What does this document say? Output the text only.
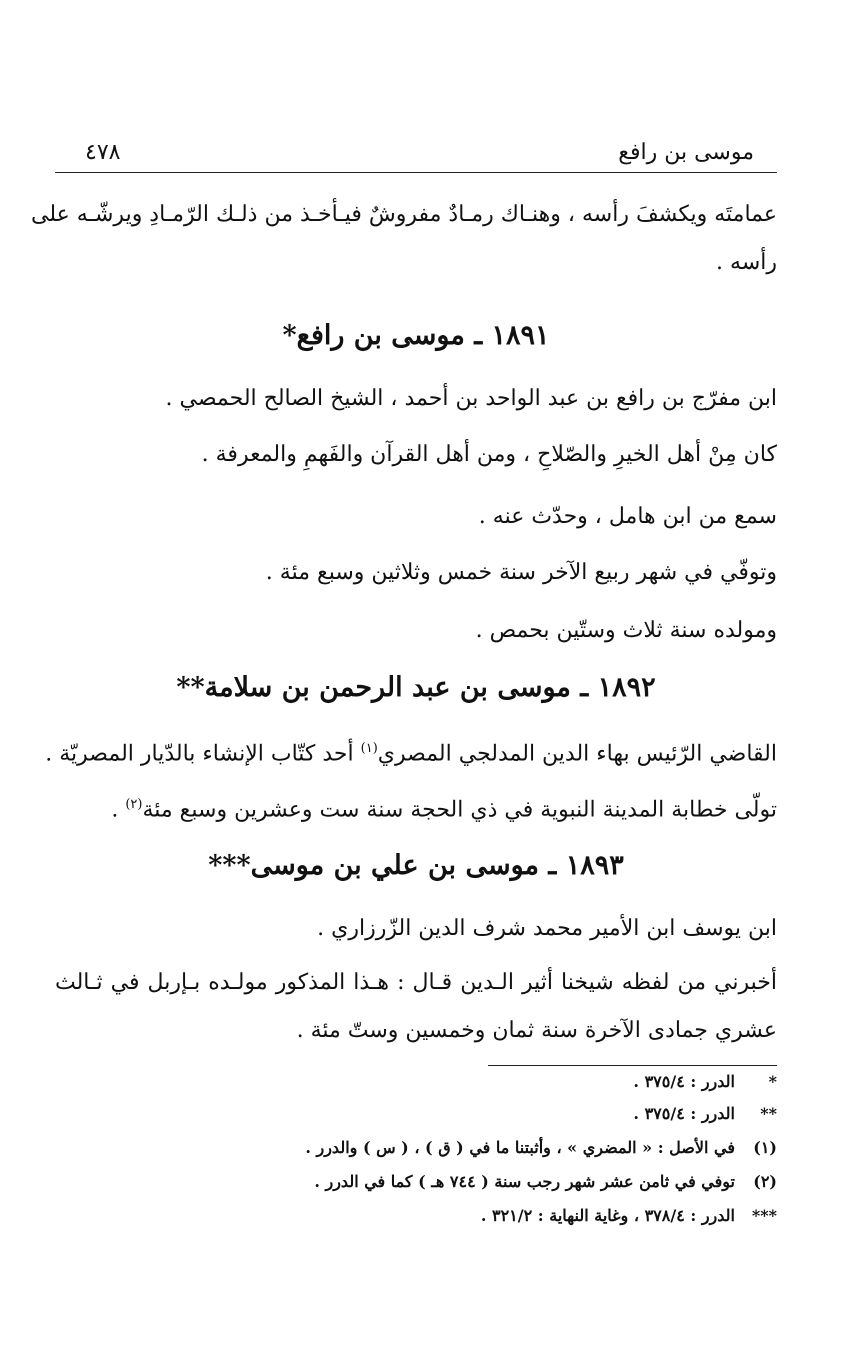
موسى بن رافع
٤٧٨
عمامتَه ويكشفَ رأسه ، وهنـاك رمـادٌ مفروشٌ فيـأخـذ من ذلـك الرّمـادِ ويرشّـه على
رأسه .
١٨٩١ ـ موسى بن رافع*
ابن مفرّج بن رافع بن عبد الواحد بن أحمد ، الشيخ الصالح الحمصي .
كان مِنْ أهل الخيرِ والصّلاحِ ، ومن أهل القرآن والفَهمِ والمعرفة .
سمع من ابن هامل ، وحدّث عنه .
وتوفّي في شهر ربيع الآخر سنة خمس وثلاثين وسبع مئة .
ومولده سنة ثلاث وستّين بحمص .
١٨٩٢ ـ موسى بن عبد الرحمن بن سلامة**
القاضي الرّئيس بهاء الدين المدلجي المصري$^{(١)}$ أحد كتّاب الإنشاء بالدّيار المصريّة .
تولّى خطابة المدينة النبوية في ذي الحجة سنة ست وعشرين وسبع مئة$^{(٢)}$ .
١٨٩٣ ـ موسى بن علي بن موسى***
ابن يوسف ابن الأمير محمد شرف الدين الزّرزاري .
أخبرني من لفظه شيخنا أثير الـدين قـال : هـذا المذكور مولـده بـإربل في ثـالث
عشري جمادى الآخرة سنة ثمان وخمسين وستّ مئة .
*الدرر : ٣٧٥/٤ .
**الدرر : ٣٧٥/٤ .
(١)في الأصل : « المضري » ، وأثبتنا ما في ( ق ) ، ( س ) والدرر .
(٢)توفي في ثامن عشر شهر رجب سنة ( ٧٤٤ هـ ) كما في الدرر .
***الدرر : ٣٧٨/٤ ، وغاية النهاية : ٣٢١/٢ .
